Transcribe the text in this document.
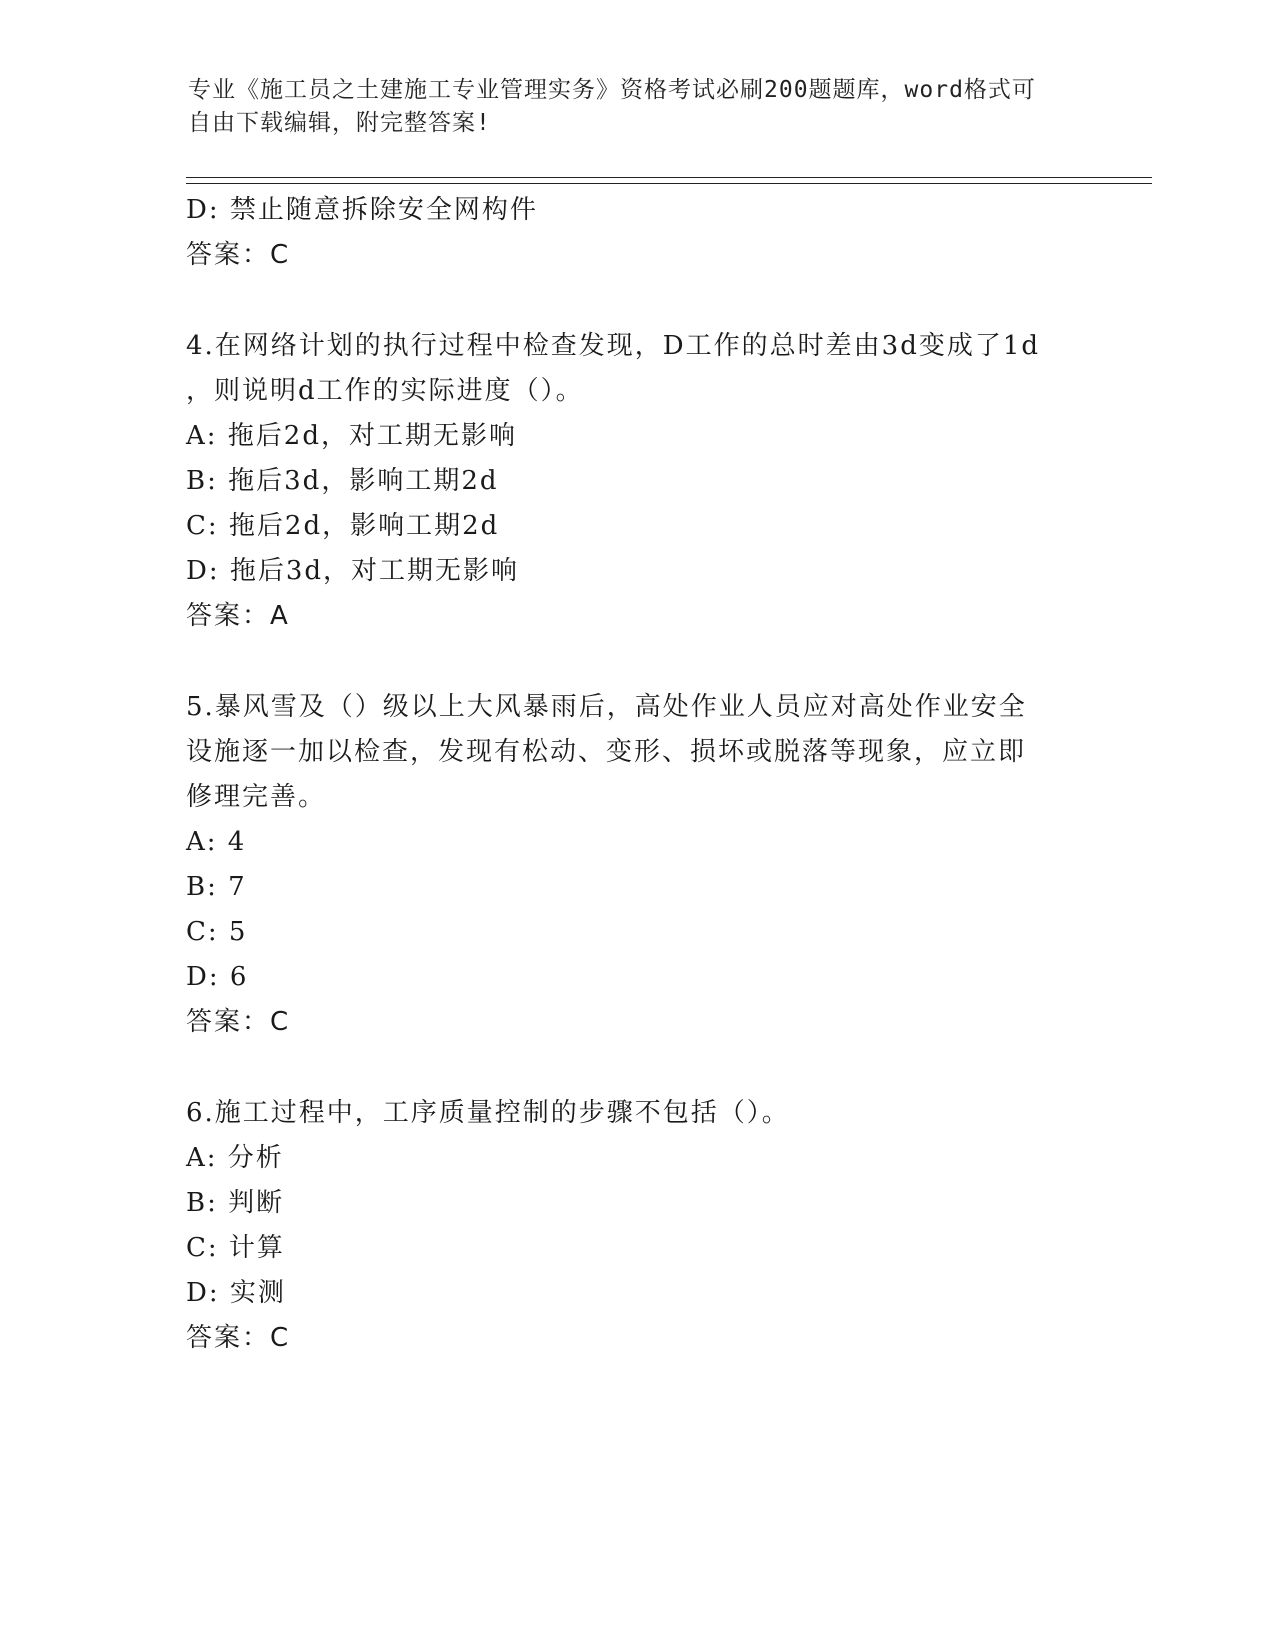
专业《施工员之土建施工专业管理实务》资格考试必刷200题题库，word格式可
自由下载编辑，附完整答案!

D: 禁止随意拆除安全网构件

答案：C

4.在网络计划的执行过程中检查发现，D工作的总时差由3d变成了1d

，则说明d工作的实际进度（）。

A: 拖后2d，对工期无影响

B: 拖后3d，影响工期2d

C: 拖后2d，影响工期2d

D: 拖后3d，对工期无影响

答案：A

5.暴风雪及（）级以上大风暴雨后，高处作业人员应对高处作业安全

设施逐一加以检查，发现有松动、变形、损坏或脱落等现象，应立即

修理完善。

A: 4

B: 7

C: 5

D: 6

答案：C

6.施工过程中，工序质量控制的步骤不包括（）。

A: 分析

B: 判断

C: 计算

D: 实测

答案：C
